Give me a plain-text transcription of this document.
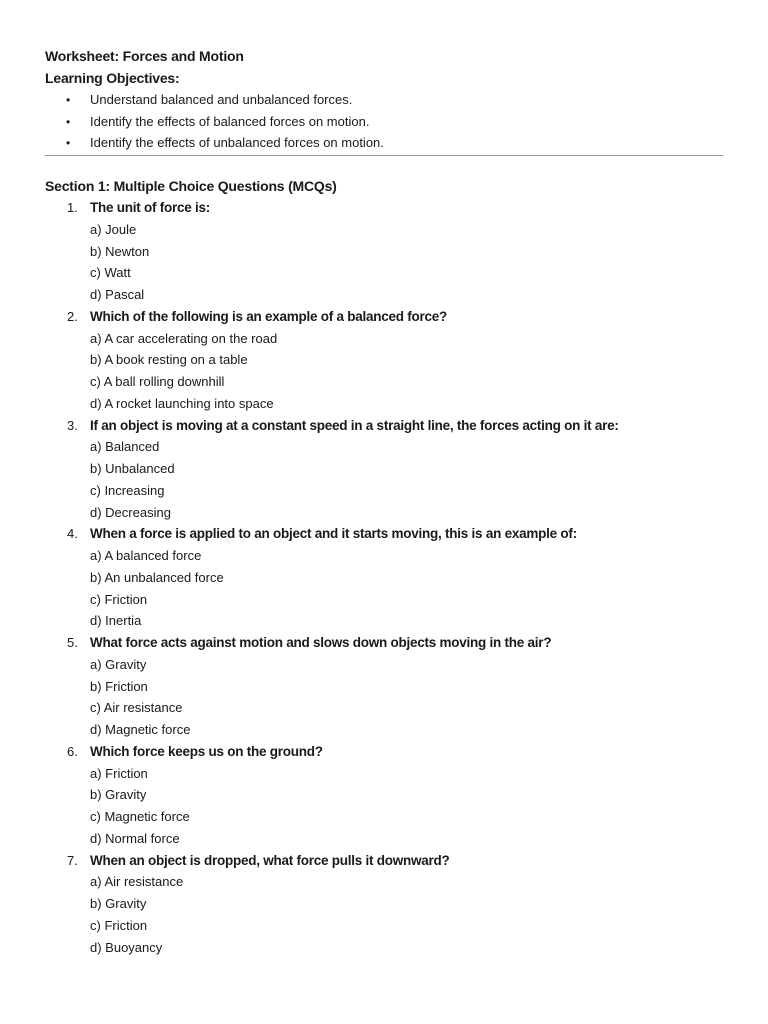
Worksheet: Forces and Motion
Learning Objectives:
• Understand balanced and unbalanced forces.
• Identify the effects of balanced forces on motion.
• Identify the effects of unbalanced forces on motion.
Section 1: Multiple Choice Questions (MCQs)
1. The unit of force is:
a) Joule
b) Newton
c) Watt
d) Pascal
2. Which of the following is an example of a balanced force?
a) A car accelerating on the road
b) A book resting on a table
c) A ball rolling downhill
d) A rocket launching into space
3. If an object is moving at a constant speed in a straight line, the forces acting on it are:
a) Balanced
b) Unbalanced
c) Increasing
d) Decreasing
4. When a force is applied to an object and it starts moving, this is an example of:
a) A balanced force
b) An unbalanced force
c) Friction
d) Inertia
5. What force acts against motion and slows down objects moving in the air?
a) Gravity
b) Friction
c) Air resistance
d) Magnetic force
6. Which force keeps us on the ground?
a) Friction
b) Gravity
c) Magnetic force
d) Normal force
7. When an object is dropped, what force pulls it downward?
a) Air resistance
b) Gravity
c) Friction
d) Buoyancy
